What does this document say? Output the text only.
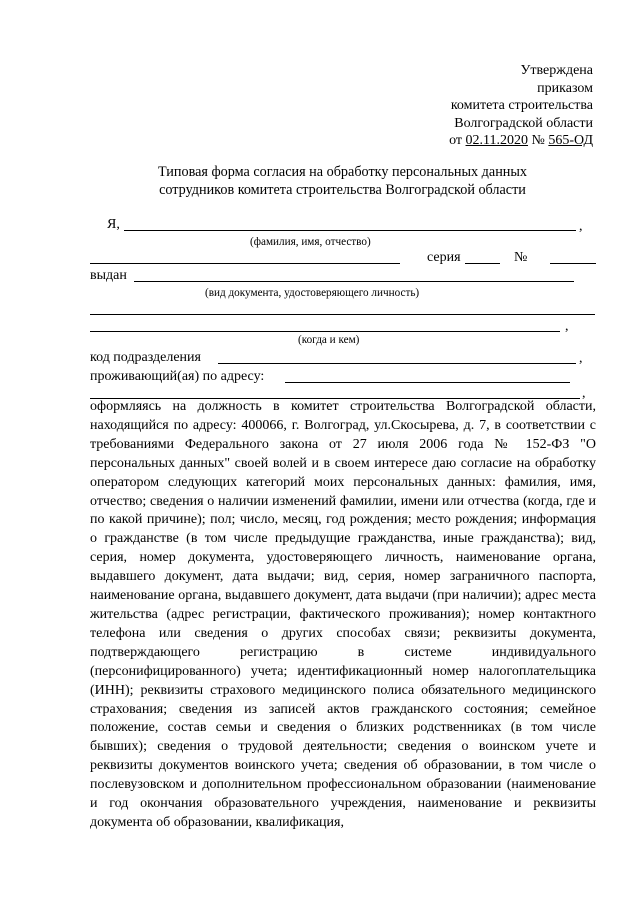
Утверждена
приказом
комитета строительства
Волгоградской области
от 02.11.2020 № 565-ОД
Типовая форма согласия на обработку персональных данных
сотрудников комитета строительства Волгоградской области
Я,	,
(фамилия, имя, отчество)
серия	№
выдан
(вид документа, удостоверяющего личность)
,
(когда и кем)
код подразделения	,
проживающий(ая) по адресу:
,
оформляясь на должность в комитет строительства Волгоградской области, находящийся по адресу: 400066, г. Волгоград, ул.Скосырева, д. 7, в соответствии с требованиями Федерального закона от 27 июля 2006 года № 152-ФЗ "О персональных данных" своей волей и в своем интересе даю согласие на обработку оператором следующих категорий моих персональных данных: фамилия, имя, отчество; сведения о наличии изменений фамилии, имени или отчества (когда, где и по какой причине); пол; число, месяц, год рождения; место рождения; информация о гражданстве (в том числе предыдущие гражданства, иные гражданства); вид, серия, номер документа, удостоверяющего личность, наименование органа, выдавшего документ, дата выдачи; вид, серия, номер заграничного паспорта, наименование органа, выдавшего документ, дата выдачи (при наличии); адрес места жительства (адрес регистрации, фактического проживания); номер контактного телефона или сведения о других способах связи; реквизиты документа, подтверждающего регистрацию в системе индивидуального (персонифицированного) учета; идентификационный номер налогоплательщика (ИНН); реквизиты страхового медицинского полиса обязательного медицинского страхования; сведения из записей актов гражданского состояния; семейное положение, состав семьи и сведения о близких родственниках (в том числе бывших); сведения о трудовой деятельности; сведения о воинском учете и реквизиты документов воинского учета; сведения об образовании, в том числе о послевузовском и дополнительном профессиональном образовании (наименование и год окончания образовательного учреждения, наименование и реквизиты документа об образовании, квалификация,
